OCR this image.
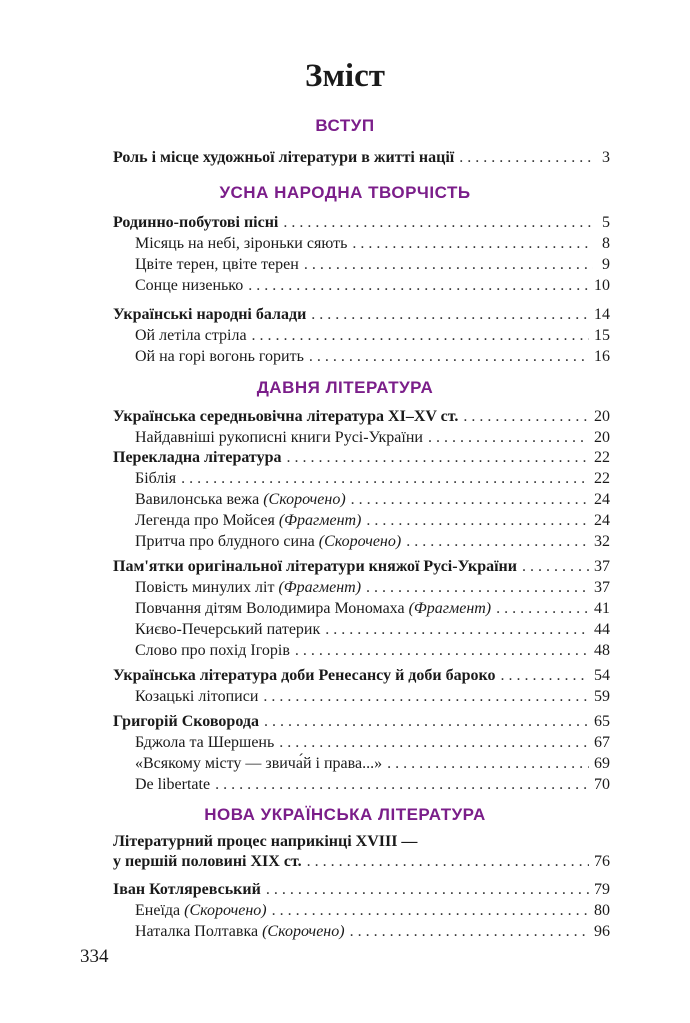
Зміст
ВСТУП
Роль і місце художньої літератури в житті нації . . .	3
УСНА НАРОДНА ТВОРЧІСТЬ
Родинно-побутові пісні . . .	5
Місяць на небі, зіроньки сяють . . .	8
Цвіте терен, цвіте терен . . .	9
Сонце низенько . . .	10
Українські народні балади . . .	14
Ой летіла стріла . . .	15
Ой на горі вогонь горить . . .	16
ДАВНЯ ЛІТЕРАТУРА
Українська середньовічна література XI–XV ст. . . .	20
Найдавніші рукописні книги Русі-України . . .	20
Перекладна література . . .	22
Біблія . . .	22
Вавилонська вежа (Скорочено) . . .	24
Легенда про Мойсея (Фрагмент) . . .	24
Притча про блудного сина (Скорочено) . . .	32
Пам'ятки оригінальної літератури княжої Русі-України . . .	37
Повість минулих літ (Фрагмент) . . .	37
Повчання дітям Володимира Мономаха (Фрагмент) . . .	41
Києво-Печерський патерик . . .	44
Слово про похід Ігорів . . .	48
Українська література доби Ренесансу й доби бароко . . .	54
Козацькі літописи . . .	59
Григорій Сковорода . . .	65
Бджола та Шершень . . .	67
«Всякому місту — звича́й і права...» . . .	69
De libertate . . .	70
НОВА УКРАЇНСЬКА ЛІТЕРАТУРА
Літературний процес наприкінці XVIII —
у першій половині XIX ст. . . .	76
Іван Котляревський . . .	79
Енеїда (Скорочено) . . .	80
Наталка Полтавка (Скорочено) . . .	96
334
